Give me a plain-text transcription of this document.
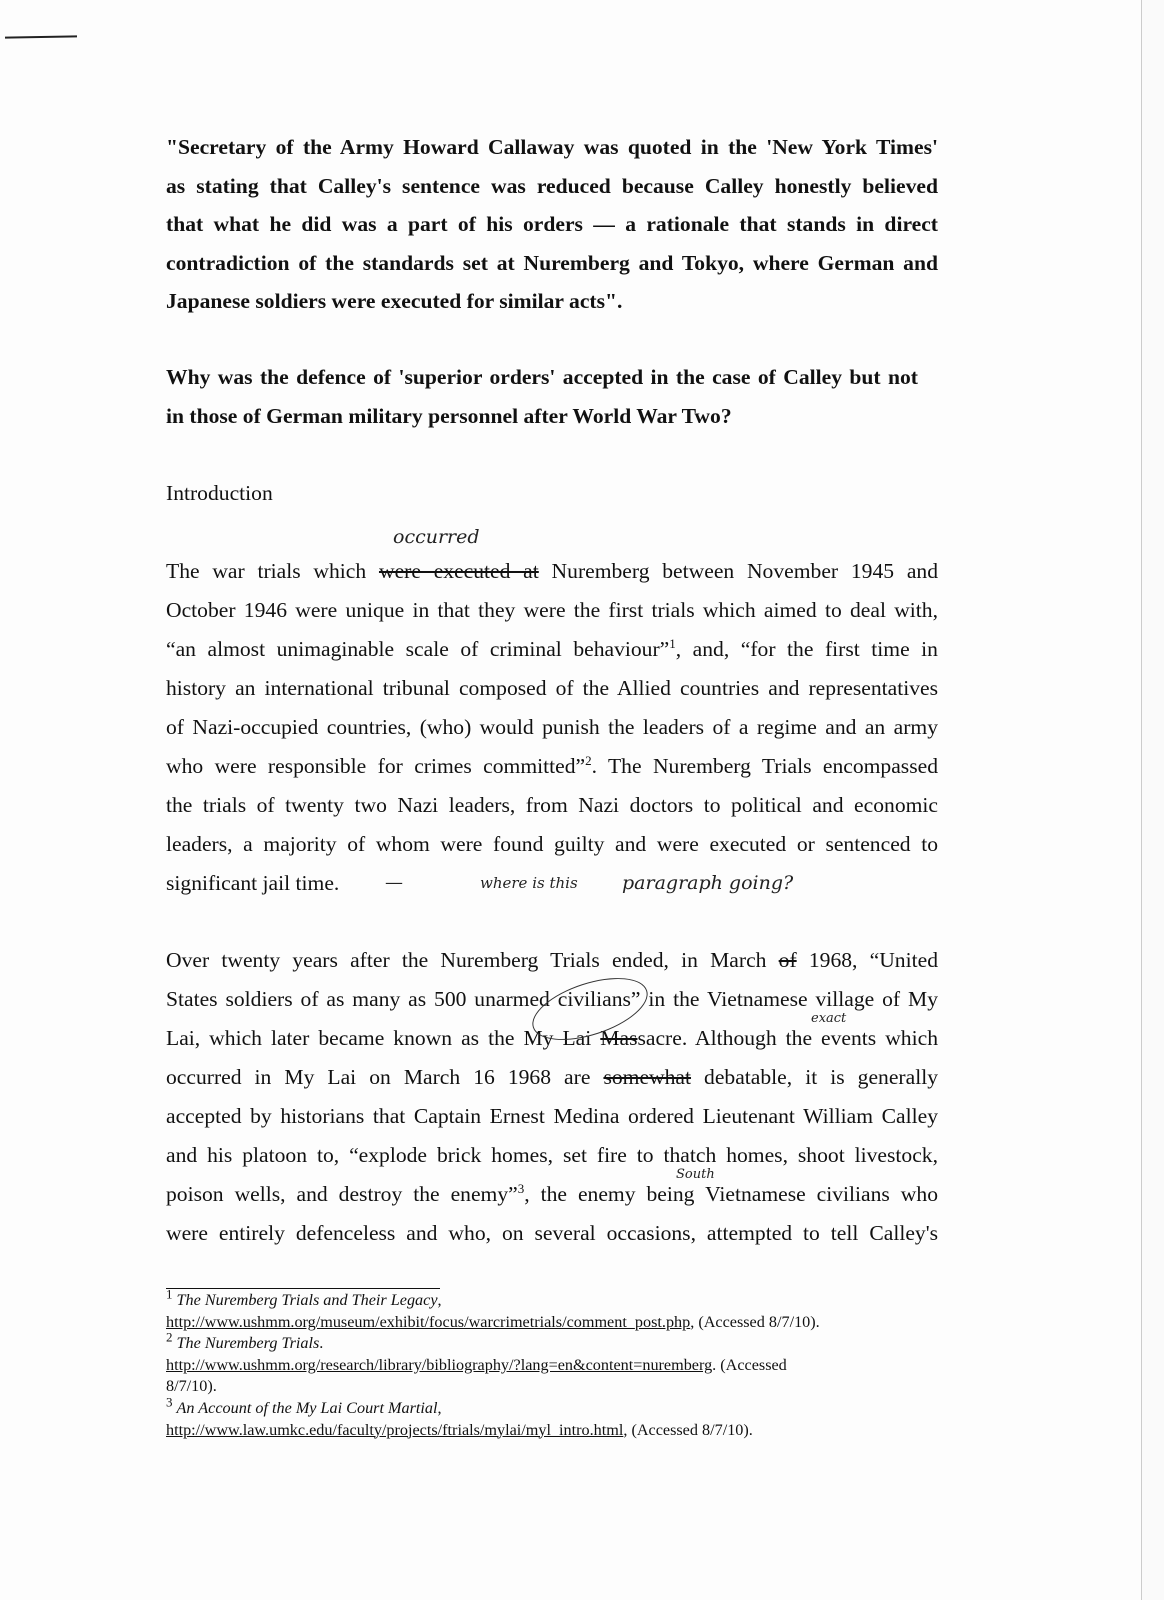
"Secretary of the Army Howard Callaway was quoted in the 'New York Times'
as stating that Calley's sentence was reduced because Calley honestly believed
that what he did was a part of his orders — a rationale that stands in direct
contradiction of the standards set at Nuremberg and Tokyo, where German and
Japanese soldiers were executed for similar acts".
Why was the defence of 'superior orders' accepted in the case of Calley but not
in those of German military personnel after World War Two?
Introduction
The war trials which were executed at Nuremberg between November 1945 and
October 1946 were unique in that they were the first trials which aimed to deal with,
“an almost unimaginable scale of criminal behaviour”$^1$, and, “for the first time in
history an international tribunal composed of the Allied countries and representatives
of Nazi-occupied countries, (who) would punish the leaders of a regime and an army
who were responsible for crimes committed”$^2$. The Nuremberg Trials encompassed
the trials of twenty two Nazi leaders, from Nazi doctors to political and economic
leaders, a majority of whom were found guilty and were executed or sentenced to
significant jail time.
Over twenty years after the Nuremberg Trials ended, in March of 1968, “United
States soldiers of as many as 500 unarmed civilians” in the Vietnamese village of My
Lai, which later became known as the My Lai Massacre. Although the events which
occurred in My Lai on March 16 1968 are somewhat debatable, it is generally
accepted by historians that Captain Ernest Medina ordered Lieutenant William Calley
and his platoon to, “explode brick homes, set fire to thatch homes, shoot livestock,
poison wells, and destroy the enemy”$^3$, the enemy being Vietnamese civilians who
were entirely defenceless and who, on several occasions, attempted to tell Calley's
occurred
—	where is this paragraph going?
exact
South
$^1$ The Nuremberg Trials and Their Legacy,
http://www.ushmm.org/museum/exhibit/focus/warcrimetrials/comment_post.php, (Accessed 8/7/10).
$^2$ The Nuremberg Trials.
http://www.ushmm.org/research/library/bibliography/?lang=en&content=nuremberg. (Accessed
8/7/10).
$^3$ An Account of the My Lai Court Martial,
http://www.law.umkc.edu/faculty/projects/ftrials/mylai/myl_intro.html, (Accessed 8/7/10).
